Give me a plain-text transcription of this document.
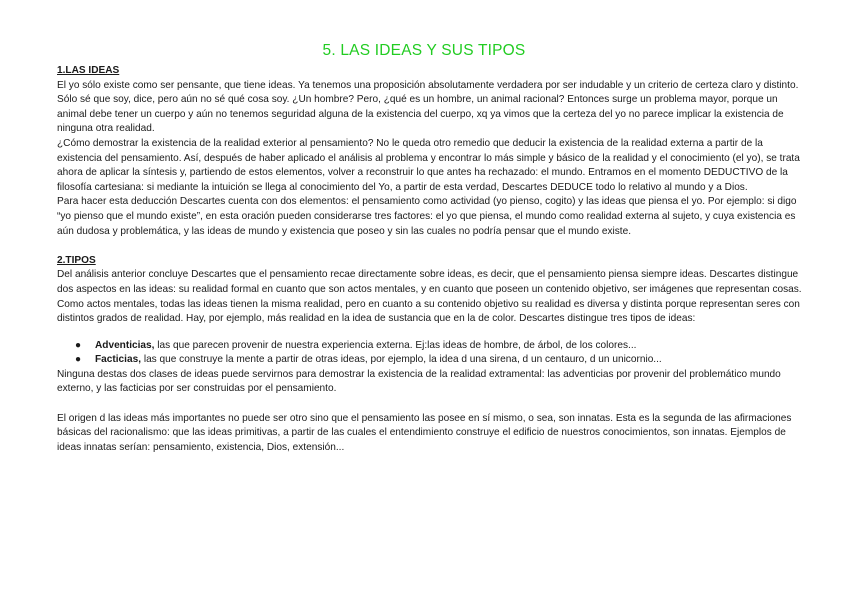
5. LAS IDEAS Y SUS TIPOS

1.LAS IDEAS

El yo sólo existe como ser pensante, que tiene ideas. Ya tenemos una proposición absolutamente verdadera por ser indudable y un criterio de certeza claro y distinto. Sólo sé que soy, dice, pero aún no sé qué cosa soy. ¿Un hombre? Pero, ¿qué es un hombre, un animal racional? Entonces surge un problema mayor, porque un animal debe tener un cuerpo y aún no tenemos seguridad alguna de la existencia del cuerpo, xq ya vimos que la certeza del yo no parece implicar la existencia de ninguna otra realidad.

¿Cómo demostrar la existencia de la realidad exterior al pensamiento? No le queda otro remedio que deducir la existencia de la realidad externa a partir de la existencia del pensamiento. Así, después de haber aplicado el análisis al problema y encontrar lo más simple y básico de la realidad y el conocimiento (el yo), se trata ahora de aplicar la síntesis y, partiendo de estos elementos, volver a reconstruir lo que antes ha rechazado: el mundo. Entramos en el momento DEDUCTIVO de la filosofía cartesiana: si mediante la intuición se llega al conocimiento del Yo, a partir de esta verdad, Descartes DEDUCE todo lo relativo al mundo y a Dios.

Para hacer esta deducción Descartes cuenta con dos elementos: el pensamiento como actividad (yo pienso, cogito) y las ideas que piensa el yo. Por ejemplo: si digo “yo pienso que el mundo existe”, en esta oración pueden considerarse tres factores: el yo que piensa, el mundo como realidad externa al sujeto, y cuya existencia es aún dudosa y problemática, y las ideas de mundo y existencia que poseo y sin las cuales no podría pensar que el mundo existe.

2.TIPOS

Del análisis anterior concluye Descartes que el pensamiento recae directamente sobre ideas, es decir, que el pensamiento piensa siempre ideas. Descartes distingue dos aspectos en las ideas: su realidad formal en cuanto que son actos mentales, y en cuanto que poseen un contenido objetivo, ser imágenes que representan cosas. Como actos mentales, todas las ideas tienen la misma realidad, pero en cuanto a su contenido objetivo su realidad es diversa y distinta porque representan seres con distintos grados de realidad. Hay, por ejemplo, más realidad en la idea de sustancia que en la de color. Descartes distingue tres tipos de ideas:

● Adventicias, las que parecen provenir de nuestra experiencia externa. Ej:las ideas de hombre, de árbol, de los colores...
● Facticias, las que construye la mente a partir de otras ideas, por ejemplo, la idea d una sirena, d un centauro, d un unicornio...

Ninguna destas dos clases de ideas puede servirnos para demostrar la existencia de la realidad extramental: las adventicias por provenir del problemático mundo externo, y las facticias por ser construidas por el pensamiento.

El origen d las ideas más importantes no puede ser otro sino que el pensamiento las posee en sí mismo, o sea, son innatas. Esta es la segunda de las afirmaciones básicas del racionalismo: que las ideas primitivas, a partir de las cuales el entendimiento construye el edificio de nuestros conocimientos, son innatas. Ejemplos de ideas innatas serían: pensamiento, existencia, Dios, extensión...
